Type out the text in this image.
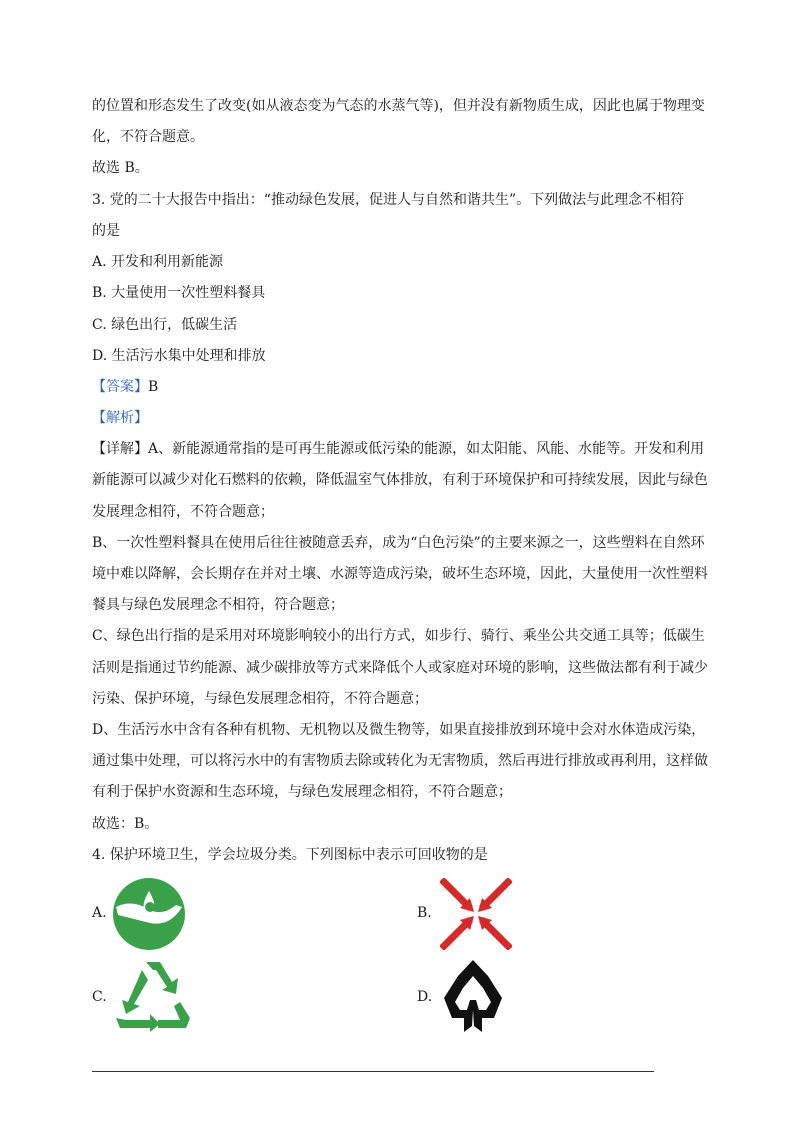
的位置和形态发生了改变(如从液态变为气态的水蒸气等)，但并没有新物质生成，因此也属于物理变
化，不符合题意。
故选 B。
3. 党的二十大报告中指出：“推动绿色发展，促进人与自然和谐共生”。下列做法与此理念不相符
的是
A. 开发和利用新能源
B. 大量使用一次性塑料餐具
C. 绿色出行，低碳生活
D. 生活污水集中处理和排放
【答案】B
【解析】
【详解】A、新能源通常指的是可再生能源或低污染的能源，如太阳能、风能、水能等。开发和利用
新能源可以减少对化石燃料的依赖，降低温室气体排放，有利于环境保护和可持续发展，因此与绿色
发展理念相符，不符合题意；
B、一次性塑料餐具在使用后往往被随意丢弃，成为“白色污染”的主要来源之一，这些塑料在自然环
境中难以降解，会长期存在并对土壤、水源等造成污染，破坏生态环境，因此，大量使用一次性塑料
餐具与绿色发展理念不相符，符合题意；
C、绿色出行指的是采用对环境影响较小的出行方式，如步行、骑行、乘坐公共交通工具等；低碳生
活则是指通过节约能源、减少碳排放等方式来降低个人或家庭对环境的影响，这些做法都有利于减少
污染、保护环境，与绿色发展理念相符，不符合题意；
D、生活污水中含有各种有机物、无机物以及微生物等，如果直接排放到环境中会对水体造成污染，
通过集中处理，可以将污水中的有害物质去除或转化为无害物质，然后再进行排放或再利用，这样做
有利于保护水资源和生态环境，与绿色发展理念相符，不符合题意；
故选：B。
4. 保护环境卫生，学会垃圾分类。下列图标中表示可回收物的是
A.	B.
C.	D.
